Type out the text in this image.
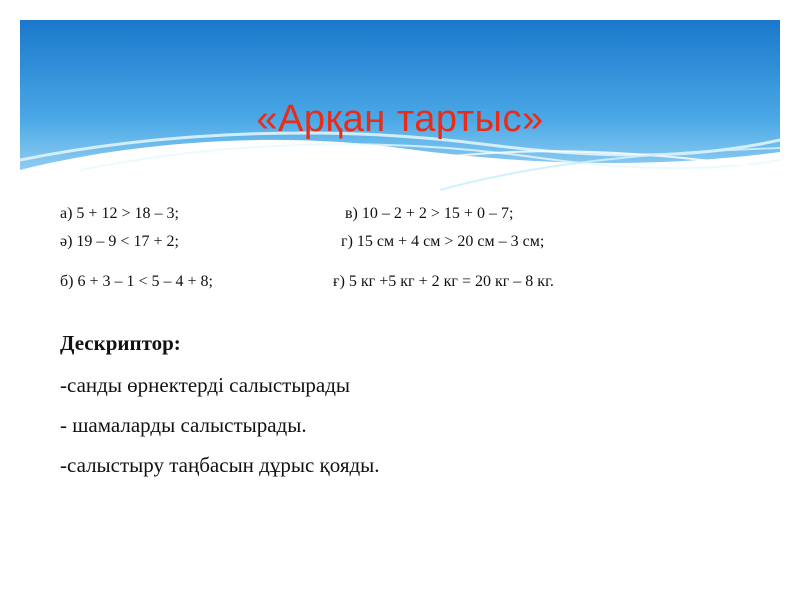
«Арқан тартыс»
а) 5 + 12 > 18 – 3;	в) 10 – 2 + 2 > 15 + 0 – 7;
ә) 19 – 9 < 17 + 2;	г) 15 см + 4 см > 20 см – 3 см;
б) 6 + 3 – 1 < 5 – 4 + 8;	ғ) 5 кг +5 кг + 2 кг = 20 кг – 8 кг.
Дескриптор:
-санды өрнектерді салыстырады
- шамаларды салыстырады.
-салыстыру таңбасын дұрыс қояды.
